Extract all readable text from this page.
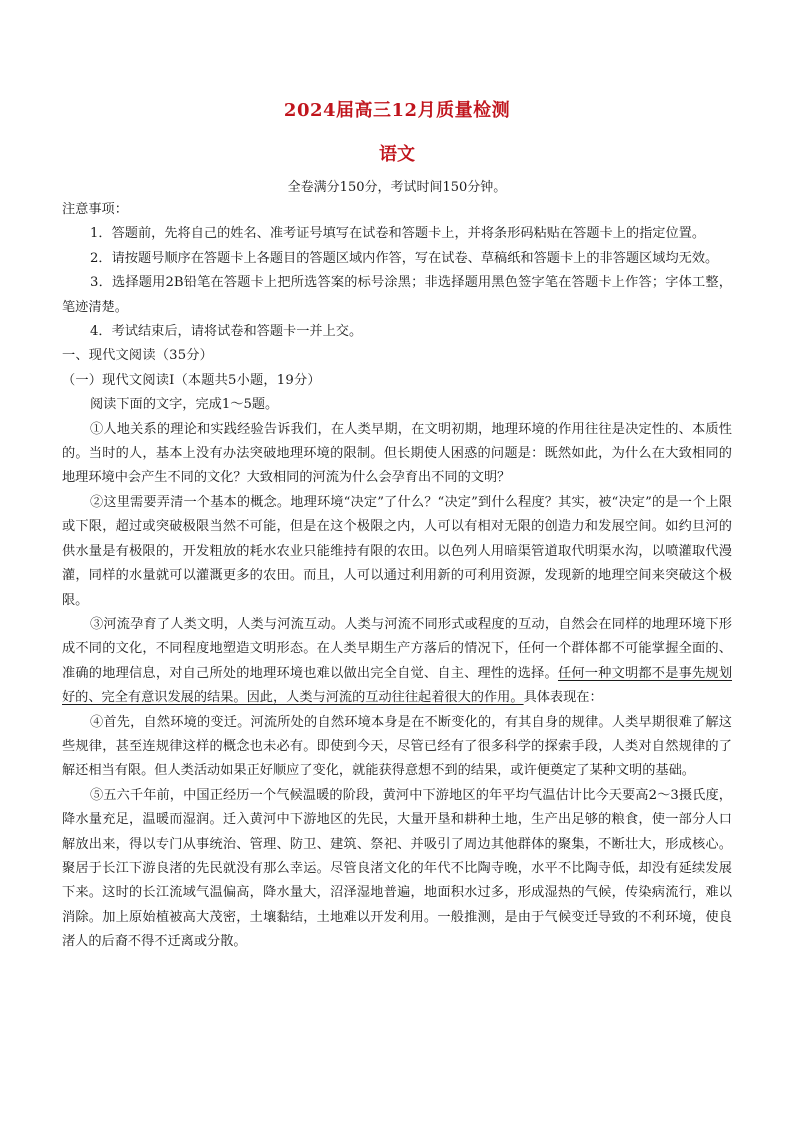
2024届高三12月质量检测
语文
全卷满分150分，考试时间150分钟。

注意事项：

1．答题前，先将自己的姓名、准考证号填写在试卷和答题卡上，并将条形码粘贴在答题卡上的指定位置。

2．请按题号顺序在答题卡上各题目的答题区域内作答，写在试卷、草稿纸和答题卡上的非答题区域均无效。

3．选择题用2B铅笔在答题卡上把所选答案的标号涂黑；非选择题用黑色签字笔在答题卡上作答；字体工整，笔迹清楚。

4．考试结束后，请将试卷和答题卡一并上交。

一、现代文阅读（35分）

（一）现代文阅读Ⅰ（本题共5小题，19分）

阅读下面的文字，完成1～5题。

①人地关系的理论和实践经验告诉我们，在人类早期，在文明初期，地理环境的作用往往是决定性的、本质性的。当时的人，基本上没有办法突破地理环境的限制。但长期使人困惑的问题是：既然如此，为什么在大致相同的地理环境中会产生不同的文化？大致相同的河流为什么会孕育出不同的文明？

②这里需要弄清一个基本的概念。地理环境“决定”了什么？“决定”到什么程度？其实，被“决定”的是一个上限或下限，超过或突破极限当然不可能，但是在这个极限之内，人可以有相对无限的创造力和发展空间。如约旦河的供水量是有极限的，开发粗放的耗水农业只能维持有限的农田。以色列人用暗渠管道取代明渠水沟，以喷灌取代漫灌，同样的水量就可以灌溉更多的农田。而且，人可以通过利用新的可利用资源，发现新的地理空间来突破这个极限。

③河流孕育了人类文明，人类与河流互动。人类与河流不同形式或程度的互动，自然会在同样的地理环境下形成不同的文化，不同程度地塑造文明形态。在人类早期生产方落后的情况下，任何一个群体都不可能掌握全面的、准确的地理信息，对自己所处的地理环境也难以做出完全自觉、自主、理性的选择。任何一种文明都不是事先规划好的、完全有意识发展的结果。因此，人类与河流的互动往往起着很大的作用。具体表现在：

④首先，自然环境的变迁。河流所处的自然环境本身是在不断变化的，有其自身的规律。人类早期很难了解这些规律，甚至连规律这样的概念也未必有。即使到今天，尽管已经有了很多科学的探索手段，人类对自然规律的了解还相当有限。但人类活动如果正好顺应了变化，就能获得意想不到的结果，或许便奠定了某种文明的基础。

⑤五六千年前，中国正经历一个气候温暖的阶段，黄河中下游地区的年平均气温估计比今天要高2～3摄氏度，降水量充足，温暖而湿润。迁入黄河中下游地区的先民，大量开垦和耕种土地，生产出足够的粮食，使一部分人口解放出来，得以专门从事统治、管理、防卫、建筑、祭祀、并吸引了周边其他群体的聚集，不断壮大，形成核心。聚居于长江下游良渚的先民就没有那么幸运。尽管良渚文化的年代不比陶寺晚，水平不比陶寺低，却没有延续发展下来。这时的长江流域气温偏高，降水量大，沼泽湿地普遍，地面积水过多，形成湿热的气候，传染病流行，难以消除。加上原始植被高大茂密，土壤黏结，土地难以开发利用。一般推测，是由于气候变迁导致的不利环境，使良渚人的后裔不得不迁离或分散。
